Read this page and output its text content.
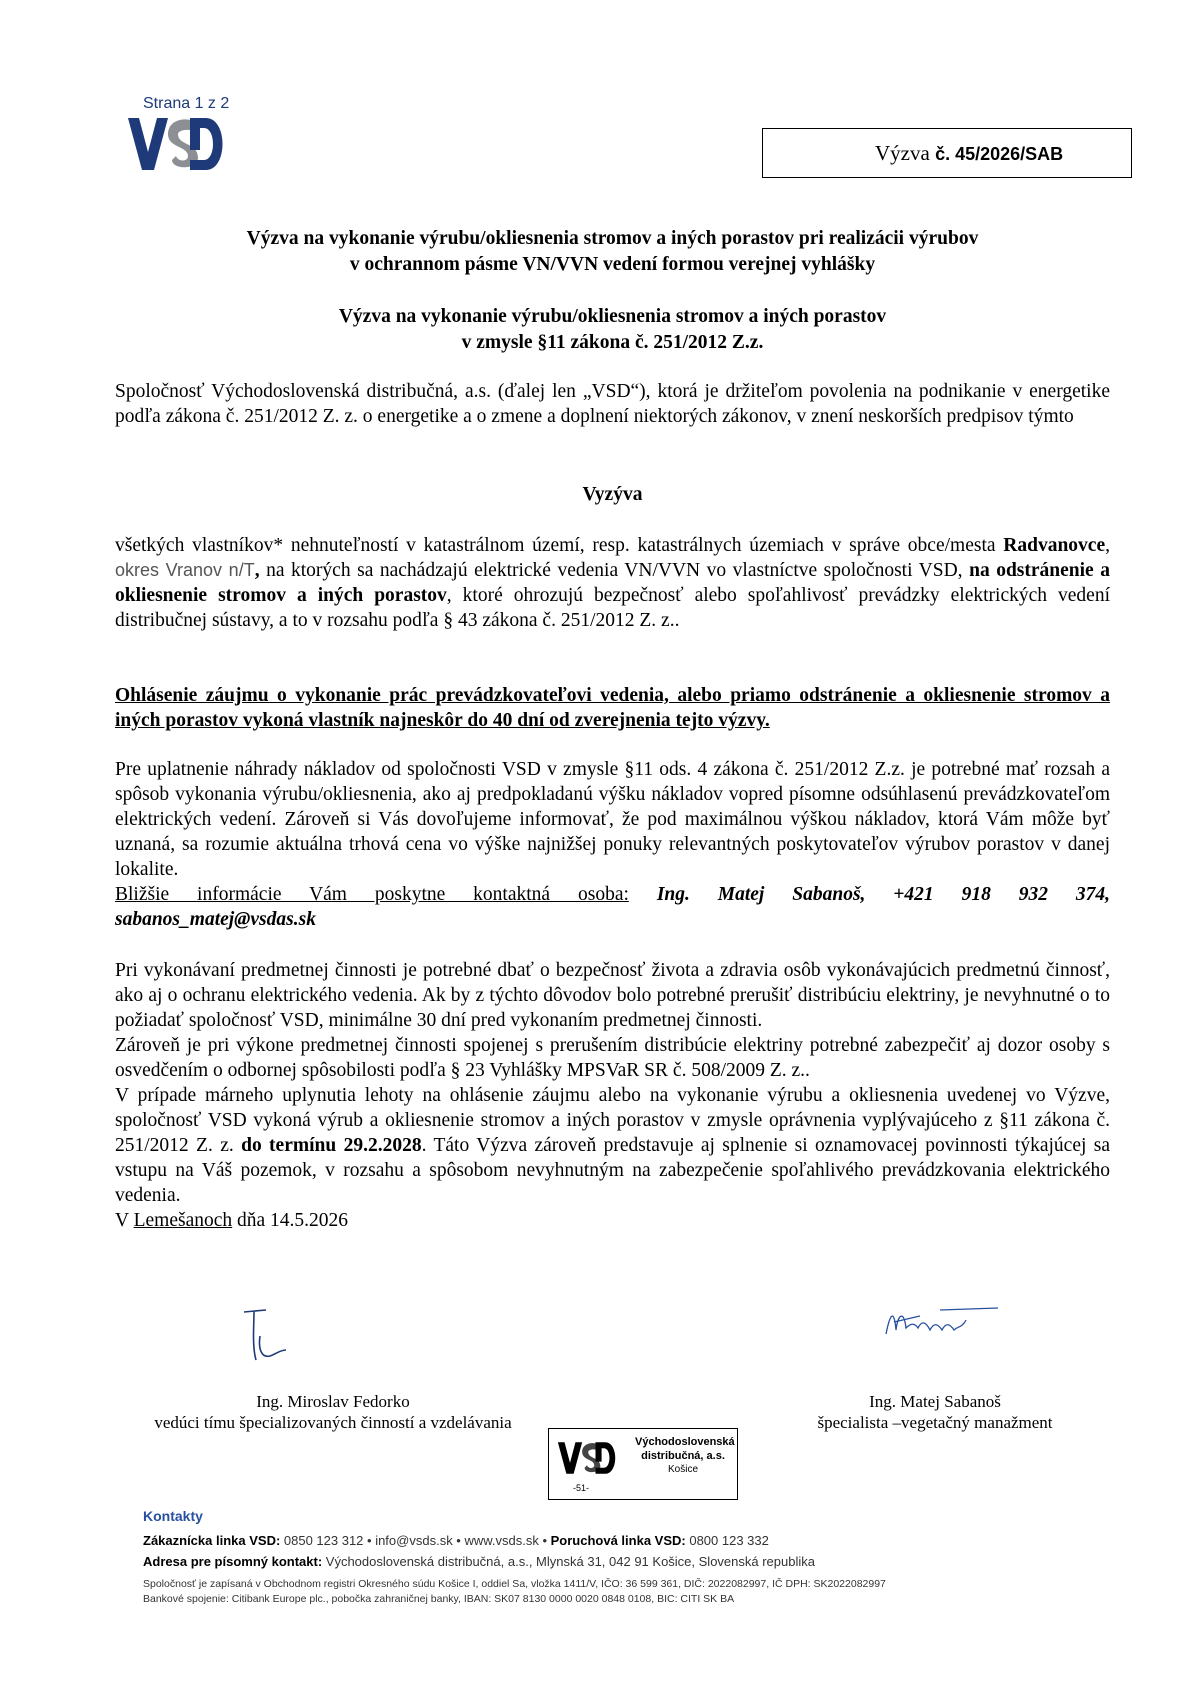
Strana 1 z 2
Výzva č. 45/2026/SAB
Výzva na vykonanie výrubu/okliesnenia stromov a iných porastov pri realizácii výrubov
v ochrannom pásme VN/VVN vedení formou verejnej vyhlášky
Výzva na vykonanie výrubu/okliesnenia stromov a iných porastov
v zmysle §11 zákona č. 251/2012 Z.z.

Spoločnosť Východoslovenská distribučná, a.s. (ďalej len „VSD“), ktorá je držiteľom povolenia na podnikanie v energetike podľa zákona č. 251/2012 Z. z. o energetike a o zmene a doplnení niektorých zákonov, v znení neskorších predpisov týmto

Vyzýva

všetkých vlastníkov* nehnuteľností v katastrálnom území, resp. katastrálnych územiach v správe obce/mesta Radvanovce, okres Vranov n/T, na ktorých sa nachádzajú elektrické vedenia VN/VVN vo vlastníctve spoločnosti VSD, na odstránenie a okliesnenie stromov a iných porastov, ktoré ohrozujú bezpečnosť alebo spoľahlivosť prevádzky elektrických vedení distribučnej sústavy, a to v rozsahu podľa § 43 zákona č. 251/2012 Z. z..

Ohlásenie záujmu o vykonanie prác prevádzkovateľovi vedenia, alebo priamo odstránenie a okliesnenie stromov a iných porastov vykoná vlastník najneskôr do 40 dní od zverejnenia tejto výzvy.

Pre uplatnenie náhrady nákladov od spoločnosti VSD v zmysle §11 ods. 4 zákona č. 251/2012 Z.z. je potrebné mať rozsah a spôsob vykonania výrubu/okliesnenia, ako aj predpokladanú výšku nákladov vopred písomne odsúhlasenú prevádzkovateľom elektrických vedení. Zároveň si Vás dovoľujeme informovať, že pod maximálnou výškou nákladov, ktorá Vám môže byť uznaná, sa rozumie aktuálna trhová cena vo výške najnižšej ponuky relevantných poskytovateľov výrubov porastov v danej lokalite.

Bližšie informácie Vám poskytne kontaktná osoba: Ing. Matej Sabanoš, +421 918 932 374,

sabanos_matej@vsdas.sk

Pri vykonávaní predmetnej činnosti je potrebné dbať o bezpečnosť života a zdravia osôb vykonávajúcich predmetnú činnosť, ako aj o ochranu elektrického vedenia. Ak by z týchto dôvodov bolo potrebné prerušiť distribúciu elektriny, je nevyhnutné o to požiadať spoločnosť VSD, minimálne 30 dní pred vykonaním predmetnej činnosti.

Zároveň je pri výkone predmetnej činnosti spojenej s prerušením distribúcie elektriny potrebné zabezpečiť aj dozor osoby s osvedčením o odbornej spôsobilosti podľa § 23 Vyhlášky MPSVaR SR č. 508/2009 Z. z..

V prípade márneho uplynutia lehoty na ohlásenie záujmu alebo na vykonanie výrubu a okliesnenia uvedenej vo Výzve, spoločnosť VSD vykoná výrub a okliesnenie stromov a iných porastov v zmysle oprávnenia vyplývajúceho z §11 zákona č. 251/2012 Z. z. do termínu 29.2.2028. Táto Výzva zároveň predstavuje aj splnenie si oznamovacej povinnosti týkajúcej sa vstupu na Váš pozemok, v rozsahu a spôsobom nevyhnutným na zabezpečenie spoľahlivého prevádzkovania elektrického vedenia.

V Lemešanoch dňa 14.5.2026

Ing. Miroslav Fedorko
vedúci tímu špecializovaných činností a vzdelávania
Ing. Matej Sabanoš
špecialista –vegetačný manažment
Východoslovenská
distribučná, a.s.
Košice
-51-
Kontakty
Zákaznícka linka VSD: 0850 123 312 • info@vsds.sk • www.vsds.sk • Poruchová linka VSD: 0800 123 332
Adresa pre písomný kontakt: Východoslovenská distribučná, a.s., Mlynská 31, 042 91 Košice, Slovenská republika
Spoločnosť je zapísaná v Obchodnom registri Okresného súdu Košice I, oddiel Sa, vložka 1411/V, IČO: 36 599 361, DIČ: 2022082997, IČ DPH: SK2022082997
Bankové spojenie: Citibank Europe plc., pobočka zahraničnej banky, IBAN: SK07 8130 0000 0020 0848 0108, BIC: CITI SK BA
